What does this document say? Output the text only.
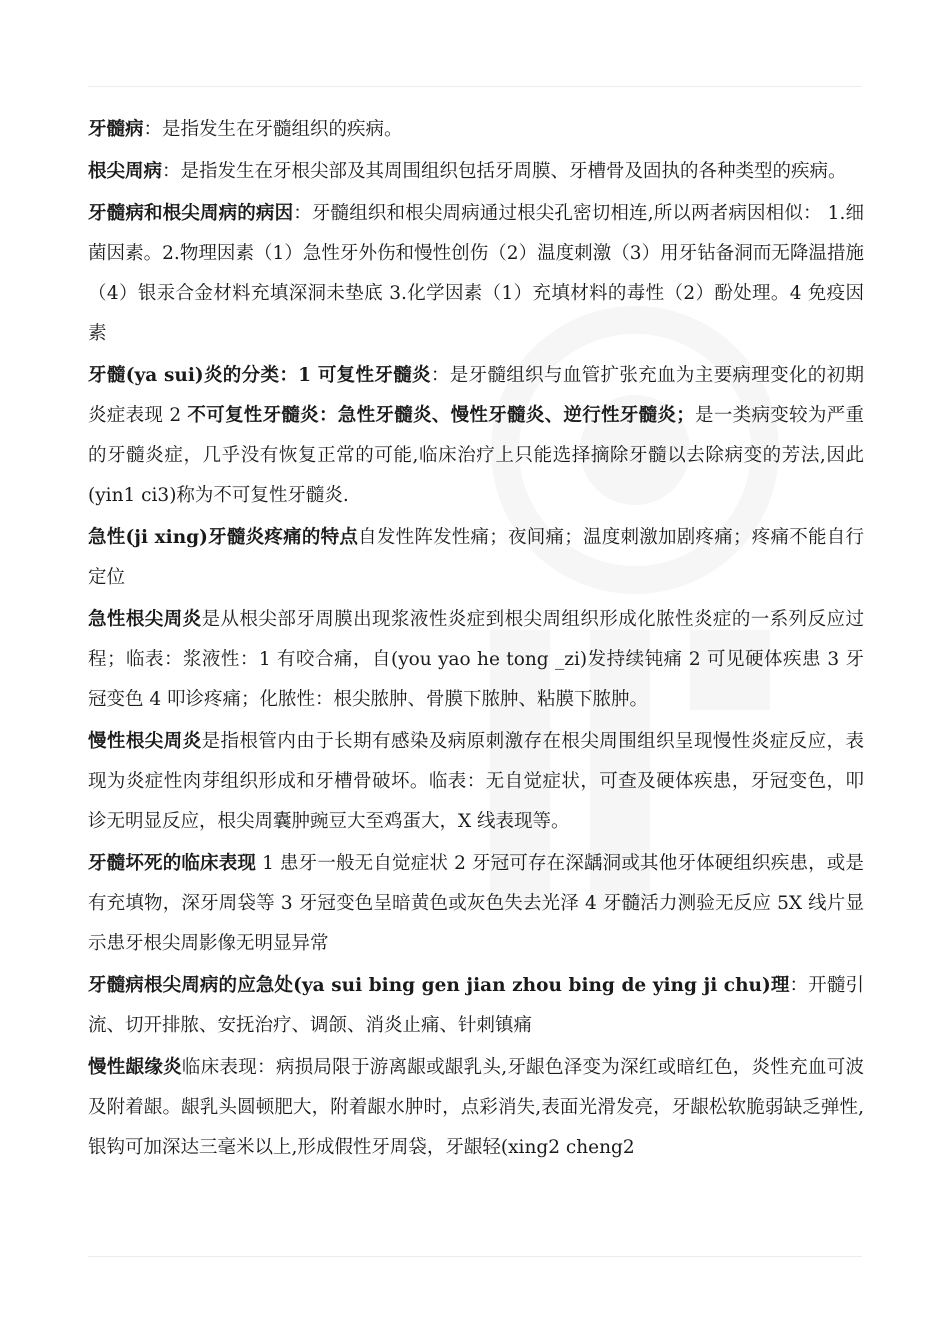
牙髓病：是指发生在牙髓组织的疾病。

根尖周病：是指发生在牙根尖部及其周围组织包括牙周膜、牙槽骨及固执的各种类型的疾病。

牙髓病和根尖周病的病因：牙髓组织和根尖周病通过根尖孔密切相连,所以两者病因相似： 1.细菌因素。2.物理因素（1）急性牙外伤和慢性创伤（2）温度刺激（3）用牙钻备洞而无降温措施（4）银汞合金材料充填深洞未垫底 3.化学因素（1）充填材料的毒性（2）酚处理。4 免疫因素

牙髓(ya sui)炎的分类：1 可复性牙髓炎：是牙髓组织与血管扩张充血为主要病理变化的初期炎症表现 2 不可复性牙髓炎：急性牙髓炎、慢性牙髓炎、逆行性牙髓炎；是一类病变较为严重的牙髓炎症，几乎没有恢复正常的可能,临床治疗上只能选择摘除牙髓以去除病变的芳法,因此(yin1 ci3)称为不可复性牙髓炎.

急性(ji xing)牙髓炎疼痛的特点自发性阵发性痛；夜间痛；温度刺激加剧疼痛；疼痛不能自行定位

急性根尖周炎是从根尖部牙周膜出现浆液性炎症到根尖周组织形成化脓性炎症的一系列反应过程；临表：浆液性：1 有咬合痛，自(you yao he tong _zi)发持续钝痛 2 可见硬体疾患 3 牙冠变色 4 叩诊疼痛；化脓性：根尖脓肿、骨膜下脓肿、粘膜下脓肿。

慢性根尖周炎是指根管内由于长期有感染及病原刺激存在根尖周围组织呈现慢性炎症反应，表现为炎症性肉芽组织形成和牙槽骨破坏。临表：无自觉症状，可查及硬体疾患，牙冠变色，叩诊无明显反应，根尖周囊肿豌豆大至鸡蛋大，X 线表现等。

牙髓坏死的临床表现 1 患牙一般无自觉症状 2 牙冠可存在深龋洞或其他牙体硬组织疾患，或是有充填物，深牙周袋等 3 牙冠变色呈暗黄色或灰色失去光泽 4 牙髓活力测验无反应 5X 线片显示患牙根尖周影像无明显异常

牙髓病根尖周病的应急处(ya sui bing gen jian zhou bing de ying ji chu)理：开髓引流、切开排脓、安抚治疗、调颌、消炎止痛、针刺镇痛

慢性龈缘炎临床表现：病损局限于游离龈或龈乳头,牙龈色泽变为深红或暗红色，炎性充血可波及附着龈。龈乳头圆顿肥大，附着龈水肿时，点彩消失,表面光滑发亮，牙龈松软脆弱缺乏弹性,银钩可加深达三毫米以上,形成假性牙周袋，牙龈轻(xing2 cheng2
